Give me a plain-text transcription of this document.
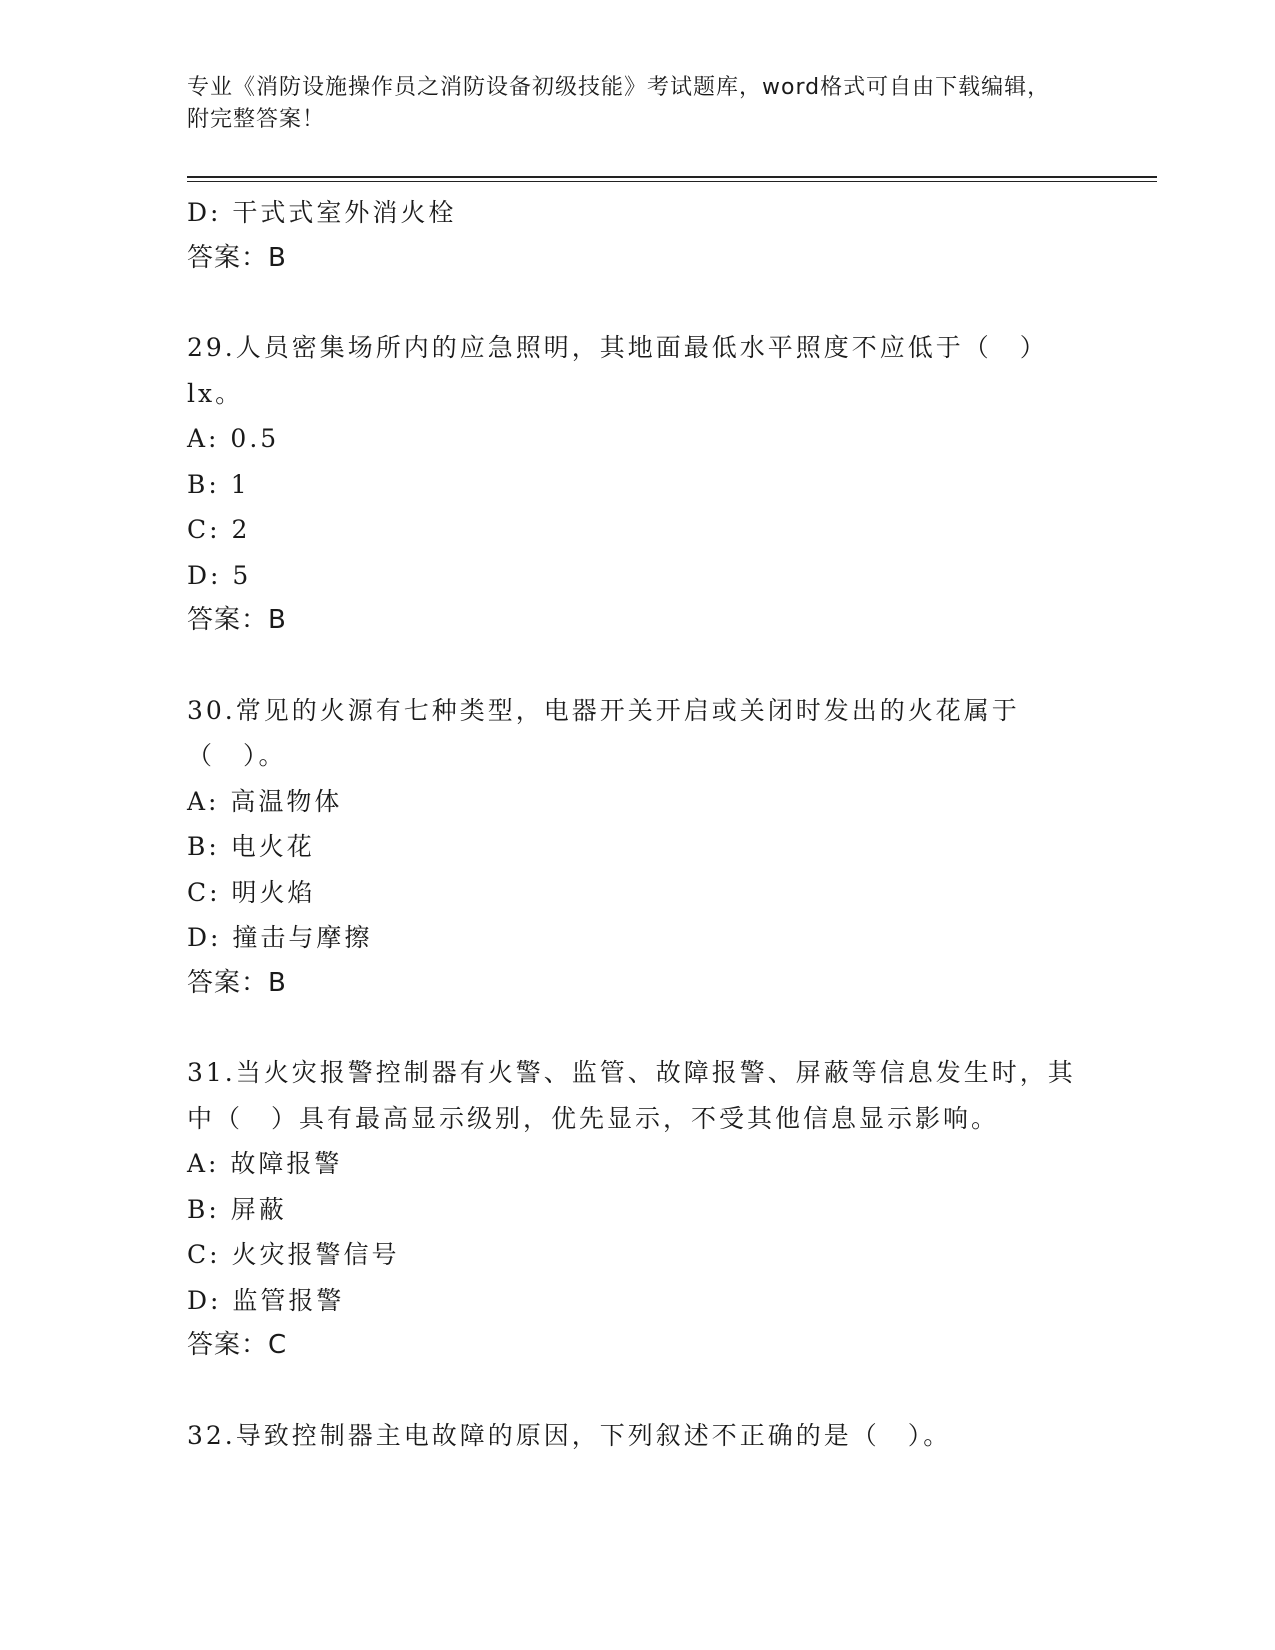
专业《消防设施操作员之消防设备初级技能》考试题库，word格式可自由下载编辑，附完整答案！
D: 干式式室外消火栓
答案：B
29.人员密集场所内的应急照明，其地面最低水平照度不应低于（　）lx。
A: 0.5
B: 1
C: 2
D: 5
答案：B
30.常见的火源有七种类型，电器开关开启或关闭时发出的火花属于（　）。
A: 高温物体
B: 电火花
C: 明火焰
D: 撞击与摩擦
答案：B
31.当火灾报警控制器有火警、监管、故障报警、屏蔽等信息发生时，其中（　）具有最高显示级别，优先显示，不受其他信息显示影响。
A: 故障报警
B: 屏蔽
C: 火灾报警信号
D: 监管报警
答案：C
32.导致控制器主电故障的原因，下列叙述不正确的是（　）。
